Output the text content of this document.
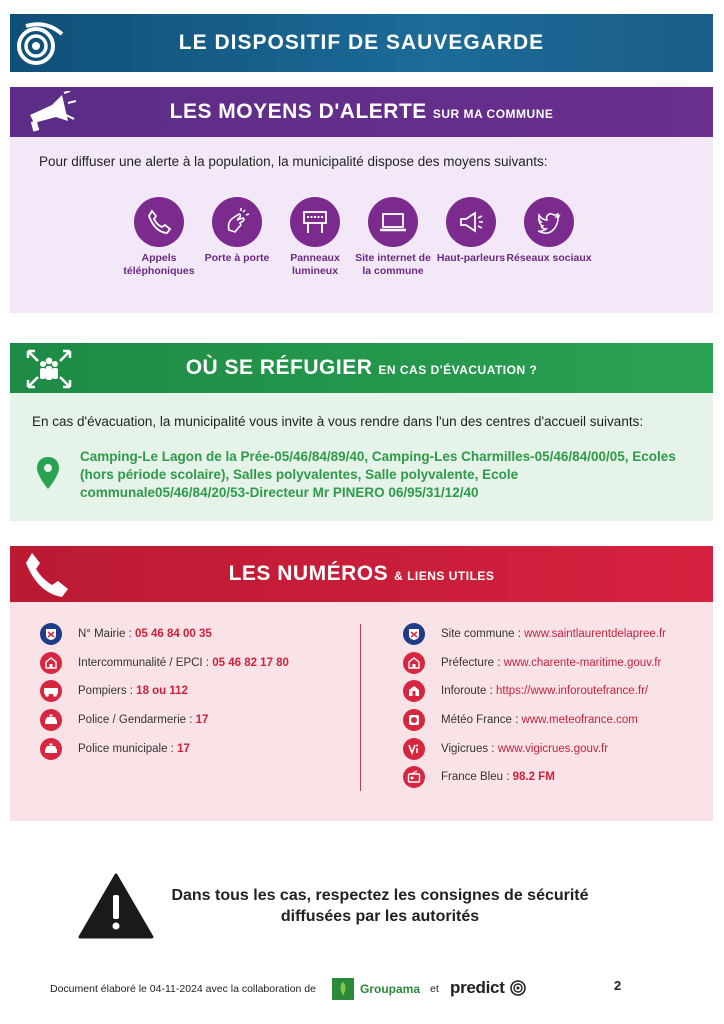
LE DISPOSITIF DE SAUVEGARDE
LES MOYENS D'ALERTE SUR MA COMMUNE
Pour diffuser une alerte à la population, la municipalité dispose des moyens suivants:
Appels téléphoniques
Porte à porte	Panneaux lumineux
Site internet de la commune
Haut-parleurs Réseaux sociaux
OÙ SE RÉFUGIER EN CAS D'ÉVACUATION ?
En cas d'évacuation, la municipalité vous invite à vous rendre dans l'un des centres d'accueil suivants:
Camping-Le Lagon de la Prée-05/46/84/89/40, Camping-Les Charmilles-05/46/84/00/05, Ecoles (hors période scolaire), Salles polyvalentes, Salle polyvalente, Ecole communale05/46/84/20/53-Directeur Mr PINERO 06/95/31/12/40
LES NUMÉROS & LIENS UTILES
N° Mairie : 05 46 84 00 35
Intercommunalité / EPCI : 05 46 82 17 80
Pompiers : 18 ou 112
Police / Gendarmerie : 17
Police municipale : 17
Site commune : www.saintlaurentdelapree.fr
Préfecture : www.charente-maritime.gouv.fr
Inforoute : https://www.inforoutefrance.fr/
Météo France : www.meteofrance.com
Vigicrues : www.vigicrues.gouv.fr
France Bleu : 98.2 FM
Dans tous les cas, respectez les consignes de sécurité diffusées par les autorités
Document élaboré le 04-11-2024 avec la collaboration de	Groupama et predict	2
